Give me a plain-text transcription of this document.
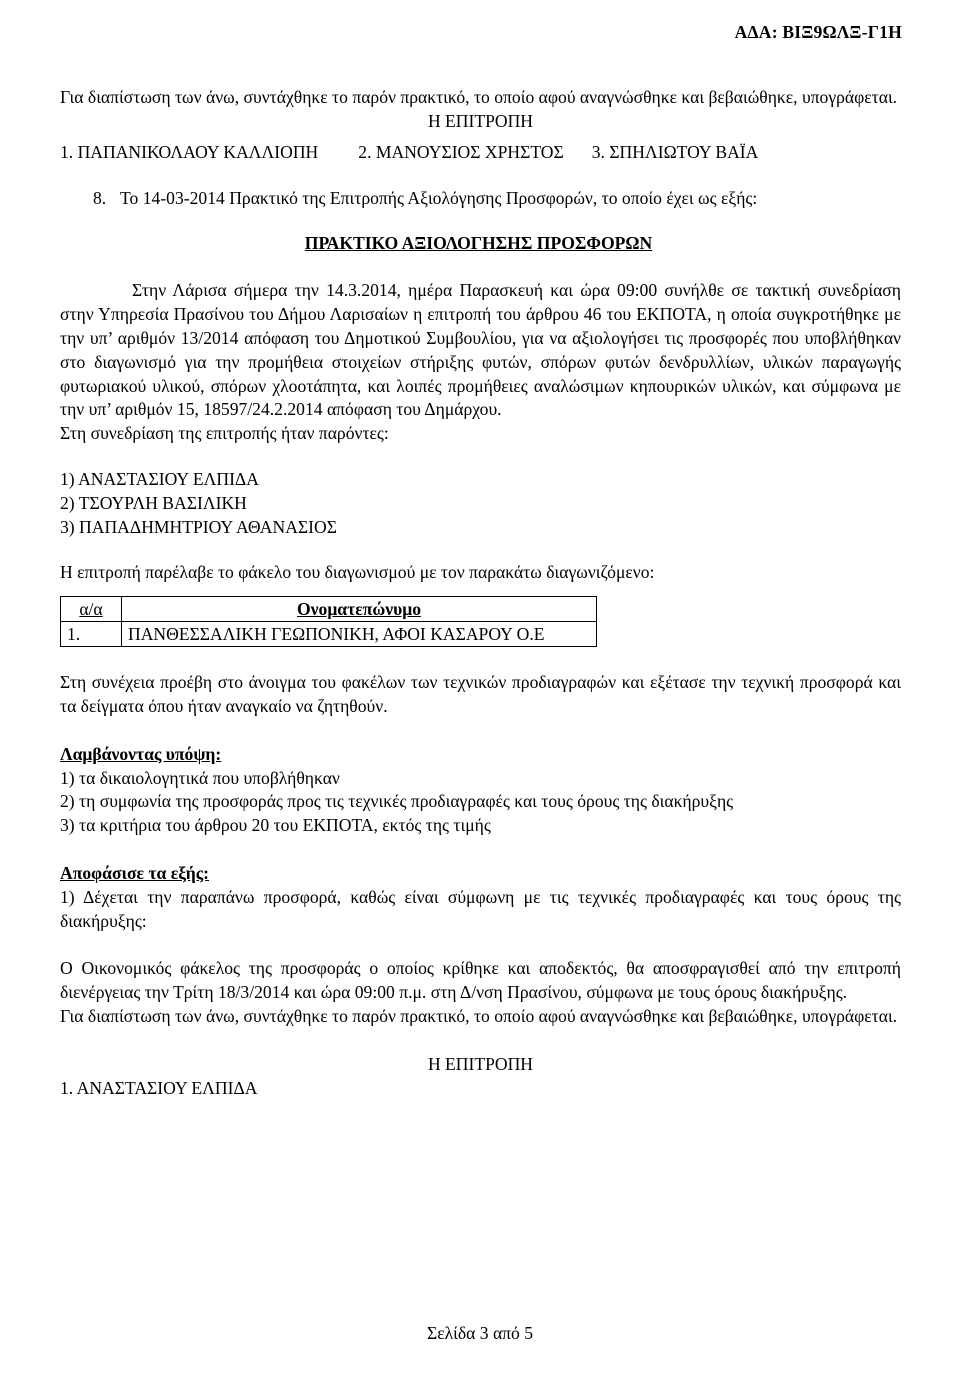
ΑΔΑ: ΒΙΞ9ΩΛΞ-Γ1Η

Για διαπίστωση των άνω, συντάχθηκε το παρόν πρακτικό, το οποίο αφού αναγνώσθηκε και βεβαιώθηκε, υπογράφεται.

Η ΕΠΙΤΡΟΠΗ

1. ΠΑΠΑΝΙΚΟΛΑΟΥ ΚΑΛΛΙΟΠΗ 2. ΜΑΝΟΥΣΙΟΣ ΧΡΗΣΤΟΣ 3. ΣΠΗΛΙΩΤΟΥ ΒΑΪΑ
8. Το 14-03-2014 Πρακτικό της Επιτροπής Αξιολόγησης Προσφορών, το οποίο έχει ως εξής:

ΠΡΑΚΤΙΚΟ ΑΞΙΟΛΟΓΗΣΗΣ ΠΡΟΣΦΟΡΩΝ

Στην Λάρισα σήμερα την 14.3.2014, ημέρα Παρασκευή και ώρα 09:00 συνήλθε σε τακτική συνεδρίαση στην Υπηρεσία Πρασίνου του Δήμου Λαρισαίων η επιτροπή του άρθρου 46 του ΕΚΠΟΤΑ, η οποία συγκροτήθηκε με την υπ’ αριθμόν 13/2014 απόφαση του Δημοτικού Συμβουλίου, για να αξιολογήσει τις προσφορές που υποβλήθηκαν στο διαγωνισμό για την προμήθεια στοιχείων στήριξης φυτών, σπόρων φυτών δενδρυλλίων, υλικών παραγωγής φυτωριακού υλικού, σπόρων χλοοτάπητα, και λοιπές προμήθειες αναλώσιμων κηπουρικών υλικών, και σύμφωνα με την υπ’ αριθμόν 15, 18597/24.2.2014 απόφαση του Δημάρχου.

Στη συνεδρίαση της επιτροπής ήταν παρόντες:

1) ΑΝΑΣΤΑΣΙΟΥ ΕΛΠΙΔΑ

2) ΤΣΟΥΡΛΗ ΒΑΣΙΛΙΚΗ

3) ΠΑΠΑΔΗΜΗΤΡΙΟΥ ΑΘΑΝΑΣΙΟΣ

Η επιτροπή παρέλαβε το φάκελο του διαγωνισμού με τον παρακάτω διαγωνιζόμενο:

α/α	Ονοματεπώνυμο
1.	ΠΑΝΘΕΣΣΑΛΙΚΗ ΓΕΩΠΟΝΙΚΗ, ΑΦΟΙ ΚΑΣΑΡΟΥ Ο.Ε

Στη συνέχεια προέβη στο άνοιγμα του φακέλων των τεχνικών προδιαγραφών και εξέτασε την τεχνική προσφορά και τα δείγματα όπου ήταν αναγκαίο να ζητηθούν.

Λαμβάνοντας υπόψη:

1) τα δικαιολογητικά που υποβλήθηκαν

2) τη συμφωνία της προσφοράς προς τις τεχνικές προδιαγραφές και τους όρους της διακήρυξης

3) τα κριτήρια του άρθρου 20 του ΕΚΠΟΤΑ, εκτός της τιμής

Αποφάσισε τα εξής:

1) Δέχεται την παραπάνω προσφορά, καθώς είναι σύμφωνη με τις τεχνικές προδιαγραφές και τους όρους της διακήρυξης:

Ο Οικονομικός φάκελος της προσφοράς ο οποίος κρίθηκε και αποδεκτός, θα αποσφραγισθεί από την επιτροπή διενέργειας την Τρίτη 18/3/2014 και ώρα 09:00 π.μ. στη Δ/νση Πρασίνου, σύμφωνα με τους όρους διακήρυξης.

Για διαπίστωση των άνω, συντάχθηκε το παρόν πρακτικό, το οποίο αφού αναγνώσθηκε και βεβαιώθηκε, υπογράφεται.

Η ΕΠΙΤΡΟΠΗ

1. ΑΝΑΣΤΑΣΙΟΥ ΕΛΠΙΔΑ

Σελίδα 3 από 5
